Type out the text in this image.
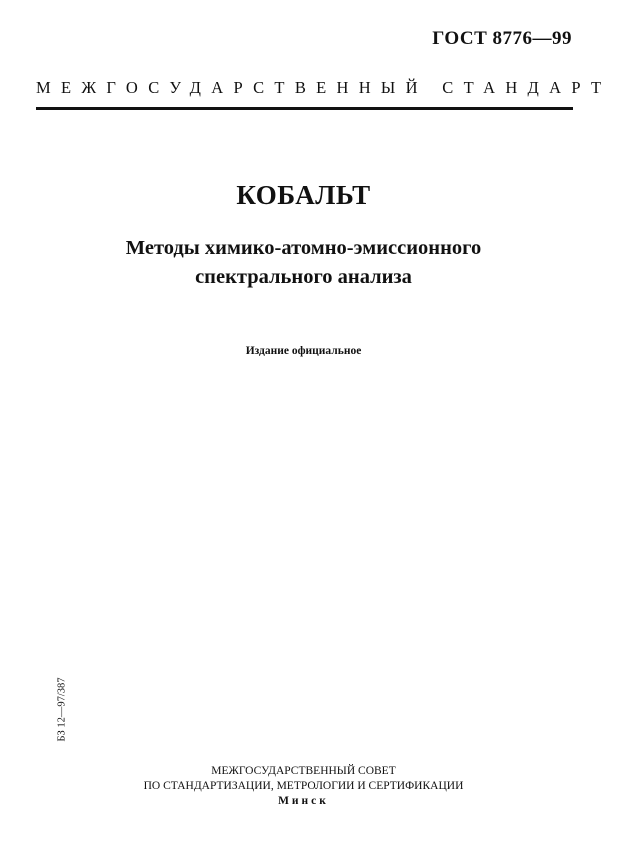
ГОСТ 8776—99
МЕЖГОСУДАРСТВЕННЫЙ СТАНДАРТ
КОБАЛЬТ
Методы химико-атомно-эмиссионного
спектрального анализа
Издание официальное
БЗ 12—97/387
МЕЖГОСУДАРСТВЕННЫЙ СОВЕТ
ПО СТАНДАРТИЗАЦИИ, МЕТРОЛОГИИ И СЕРТИФИКАЦИИ
Минск
